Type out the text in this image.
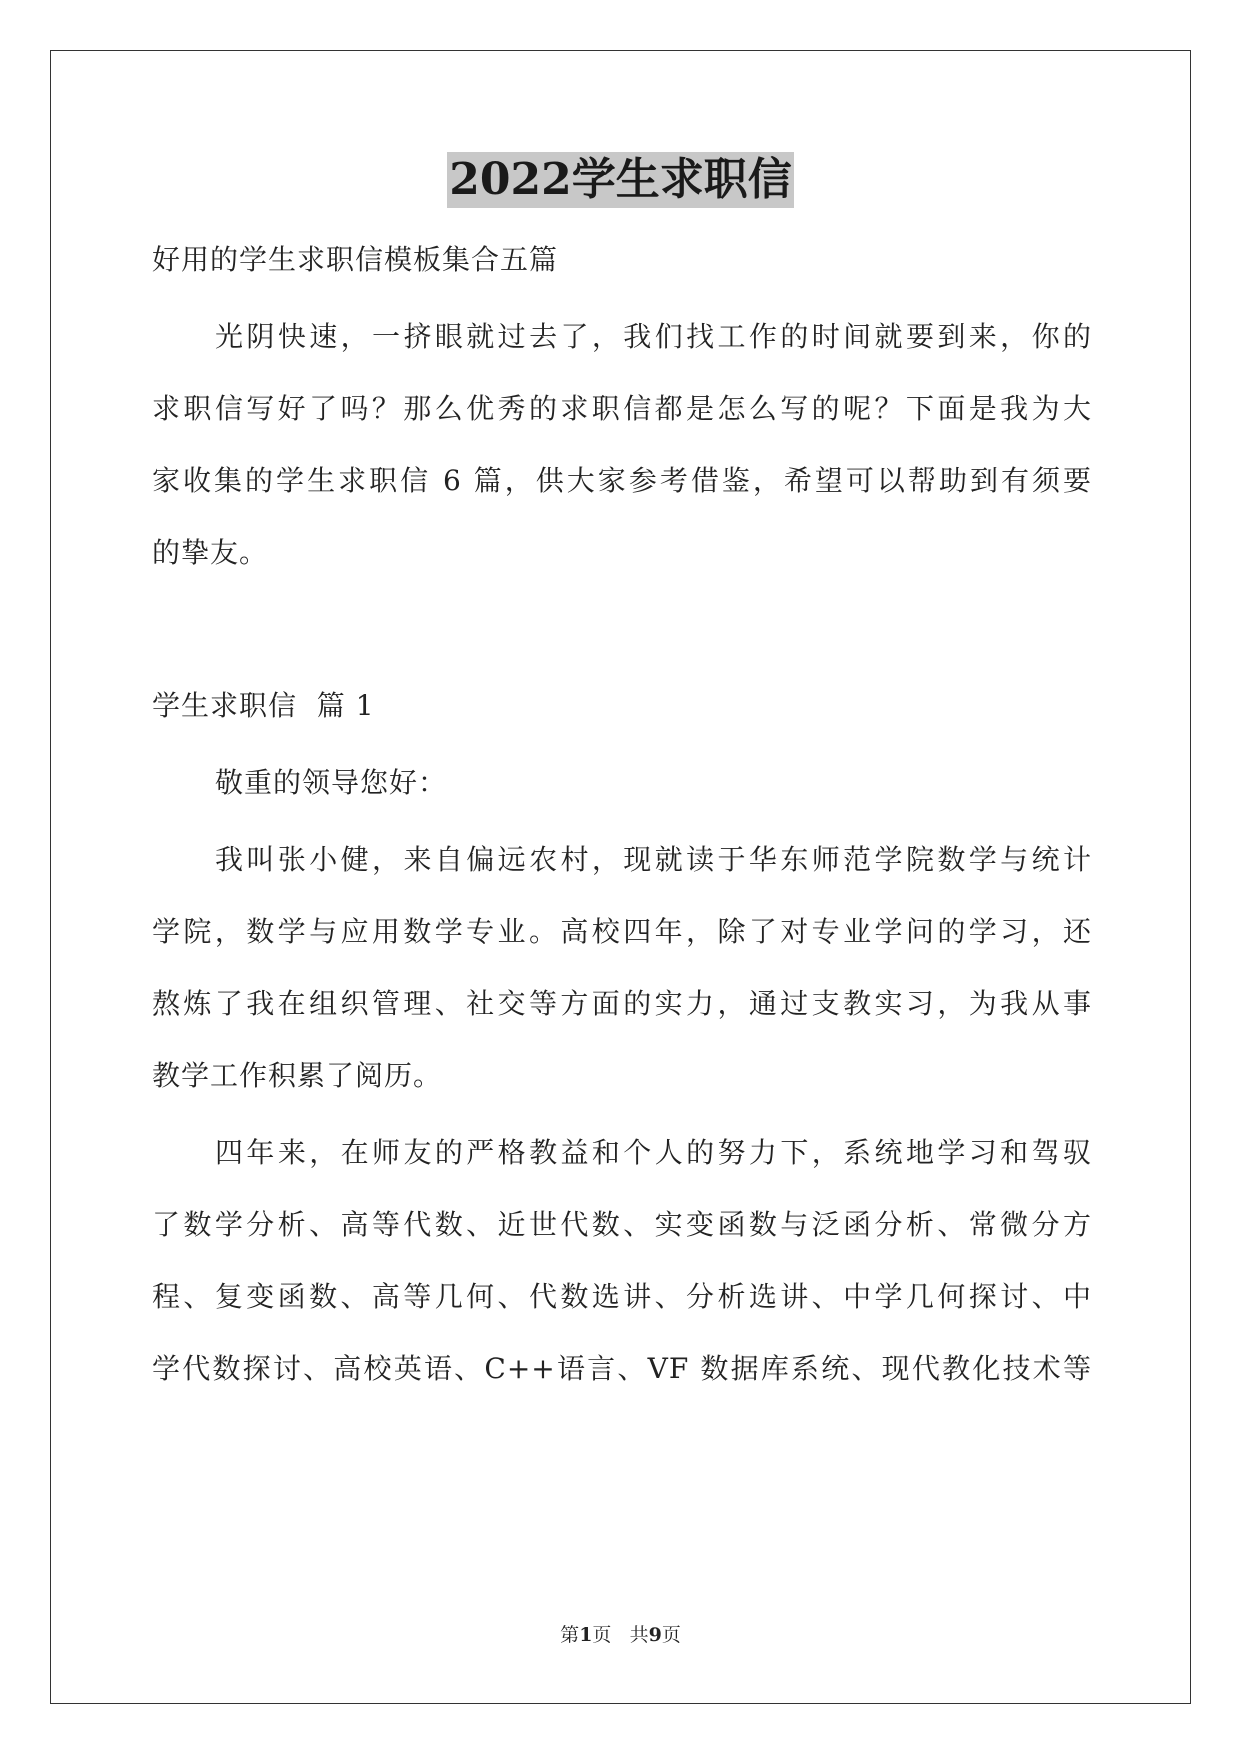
2022学生求职信
好用的学生求职信模板集合五篇
光阴快速，一挤眼就过去了，我们找工作的时间就要到来，你的
求职信写好了吗？那么优秀的求职信都是怎么写的呢？下面是我为大
家收集的学生求职信 6 篇，供大家参考借鉴，希望可以帮助到有须要
的挚友。
学生求职信  篇 1
敬重的领导您好：
我叫张小健，来自偏远农村，现就读于华东师范学院数学与统计
学院，数学与应用数学专业。高校四年，除了对专业学问的学习，还
熬炼了我在组织管理、社交等方面的实力，通过支教实习，为我从事
教学工作积累了阅历。
四年来，在师友的严格教益和个人的努力下，系统地学习和驾驭
了数学分析、高等代数、近世代数、实变函数与泛函分析、常微分方
程、复变函数、高等几何、代数选讲、分析选讲、中学几何探讨、中
学代数探讨、高校英语、C++语言、VF 数据库系统、现代教化技术等
第1页 共9页
